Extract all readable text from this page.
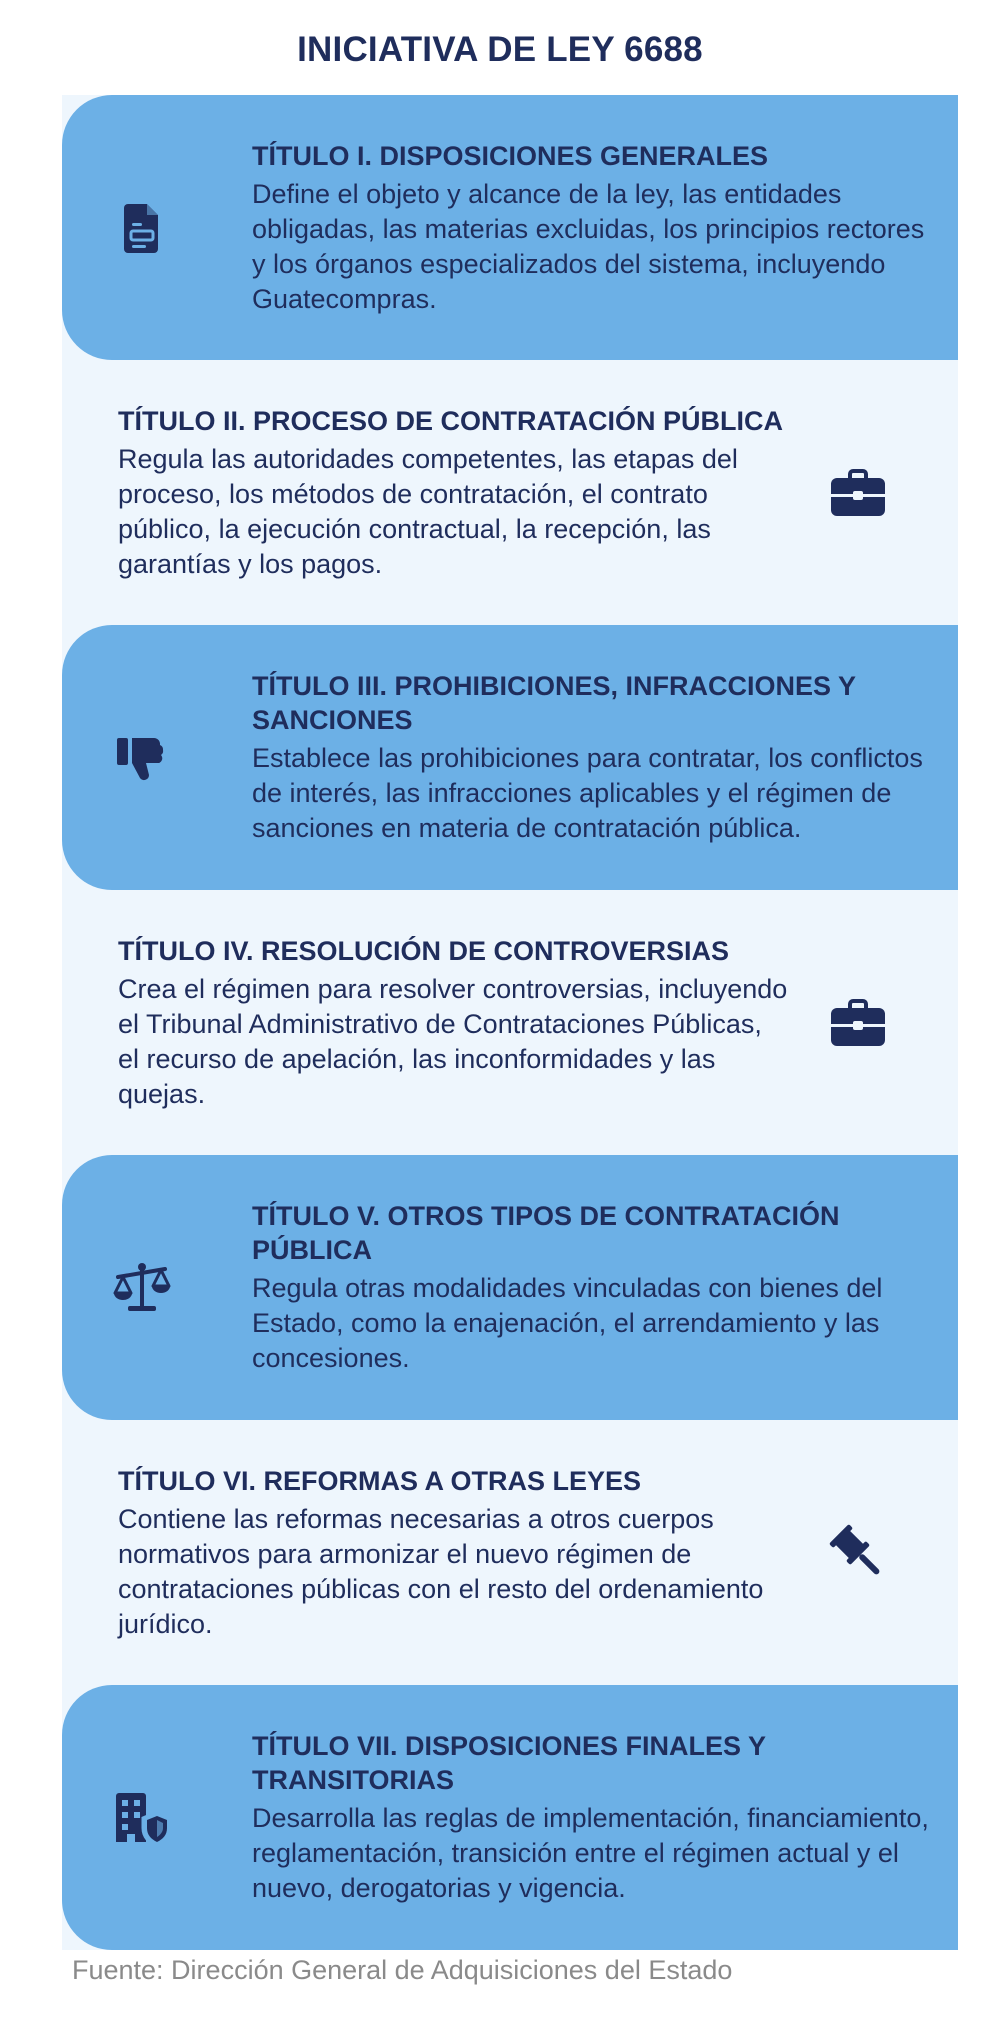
INICIATIVA DE LEY 6688
TÍTULO I. DISPOSICIONES GENERALES

Define el objeto y alcance de la ley, las entidades obligadas, las materias excluidas, los principios rectores y los órganos especializados del sistema, incluyendo Guatecompras.

TÍTULO II. PROCESO DE CONTRATACIÓN PÚBLICA

Regula las autoridades competentes, las etapas del proceso, los métodos de contratación, el contrato público, la ejecución contractual, la recepción, las garantías y los pagos.

TÍTULO III. PROHIBICIONES, INFRACCIONES Y SANCIONES

Establece las prohibiciones para contratar, los conflictos de interés, las infracciones aplicables y el régimen de sanciones en materia de contratación pública.

TÍTULO IV. RESOLUCIÓN DE CONTROVERSIAS

Crea el régimen para resolver controversias, incluyendo el Tribunal Administrativo de Contrataciones Públicas, el recurso de apelación, las inconformidades y las quejas.

TÍTULO V. OTROS TIPOS DE CONTRATACIÓN PÚBLICA

Regula otras modalidades vinculadas con bienes del Estado, como la enajenación, el arrendamiento y las concesiones.

TÍTULO VI. REFORMAS A OTRAS LEYES

Contiene las reformas necesarias a otros cuerpos normativos para armonizar el nuevo régimen de contrataciones públicas con el resto del ordenamiento jurídico.

TÍTULO VII. DISPOSICIONES FINALES Y TRANSITORIAS

Desarrolla las reglas de implementación, financiamiento, reglamentación, transición entre el régimen actual y el nuevo, derogatorias y vigencia.

Fuente: Dirección General de Adquisiciones del Estado
